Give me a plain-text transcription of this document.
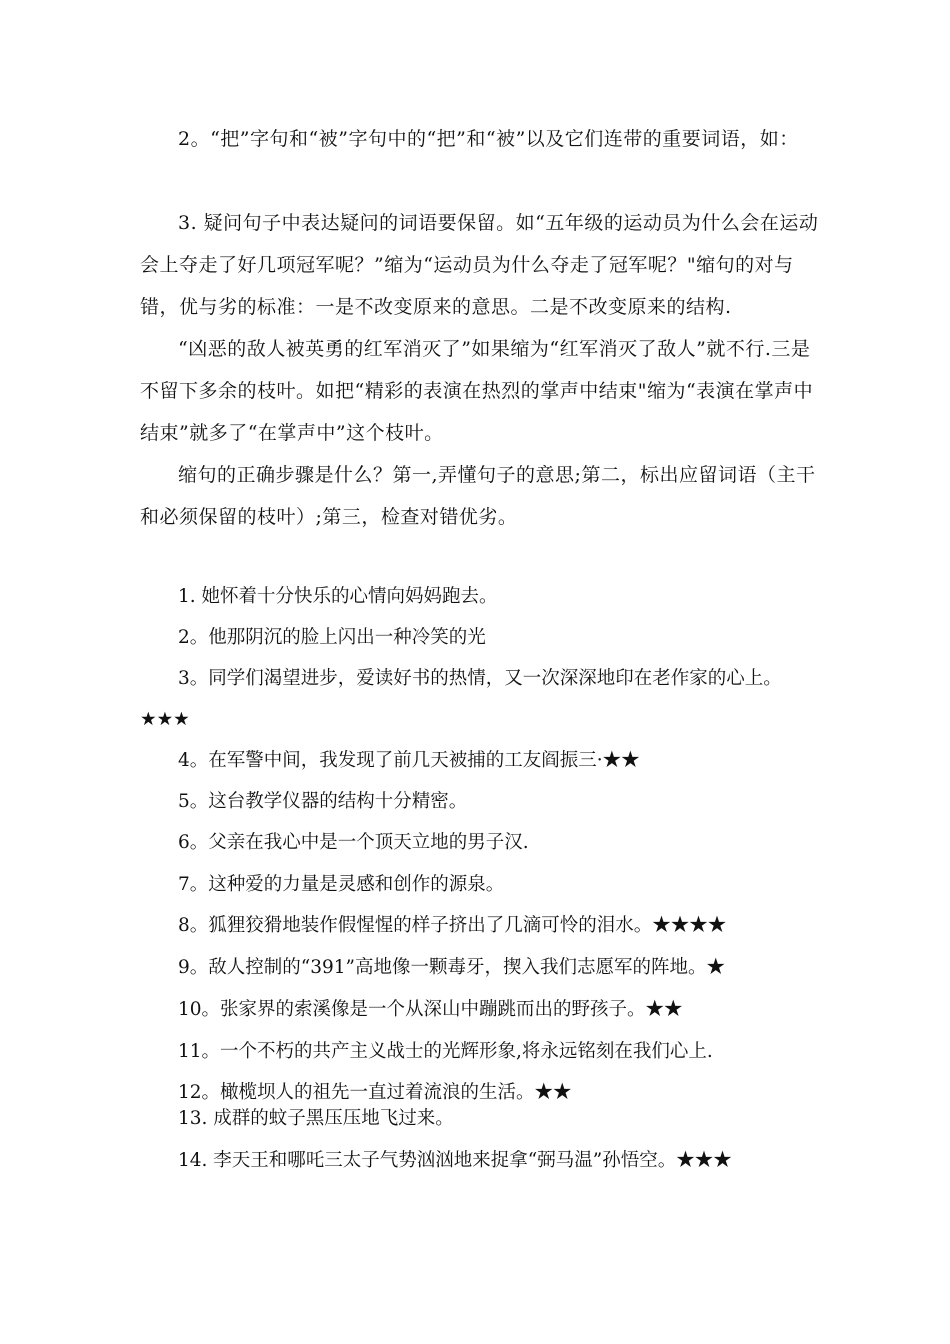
2。“把”字句和“被”字句中的“把”和“被”以及它们连带的重要词语，如：

3. 疑问句子中表达疑问的词语要保留。如“五年级的运动员为什么会在运动会上夺走了好几项冠军呢？”缩为“运动员为什么夺走了冠军呢？"缩句的对与错，优与劣的标准：一是不改变原来的意思。二是不改变原来的结构.

“凶恶的敌人被英勇的红军消灭了”如果缩为“红军消灭了敌人”就不行.三是不留下多余的枝叶。如把“精彩的表演在热烈的掌声中结束"缩为“表演在掌声中结束”就多了“在掌声中”这个枝叶。

缩句的正确步骤是什么？第一,弄懂句子的意思;第二，标出应留词语（主干和必须保留的枝叶）;第三，检查对错优劣。

1. 她怀着十分快乐的心情向妈妈跑去。

2。他那阴沉的脸上闪出一种冷笑的光

3。同学们渴望进步，爱读好书的热情，又一次深深地印在老作家的心上。

★★★

4。在军警中间，我发现了前几天被捕的工友阎振三·★★

5。这台教学仪器的结构十分精密。

6。父亲在我心中是一个顶天立地的男子汉.

7。这种爱的力量是灵感和创作的源泉。

8。狐狸狡猾地装作假惺惺的样子挤出了几滴可怜的泪水。★★★★

9。敌人控制的“391”高地像一颗毒牙，揳入我们志愿军的阵地。★

10。张家界的索溪像是一个从深山中蹦跳而出的野孩子。★★

11。一个不朽的共产主义战士的光辉形象,将永远铭刻在我们心上.

12。橄榄坝人的祖先一直过着流浪的生活。★★

13. 成群的蚊子黑压压地飞过来。

14. 李天王和哪吒三太子气势汹汹地来捉拿“弼马温”孙悟空。★★★
